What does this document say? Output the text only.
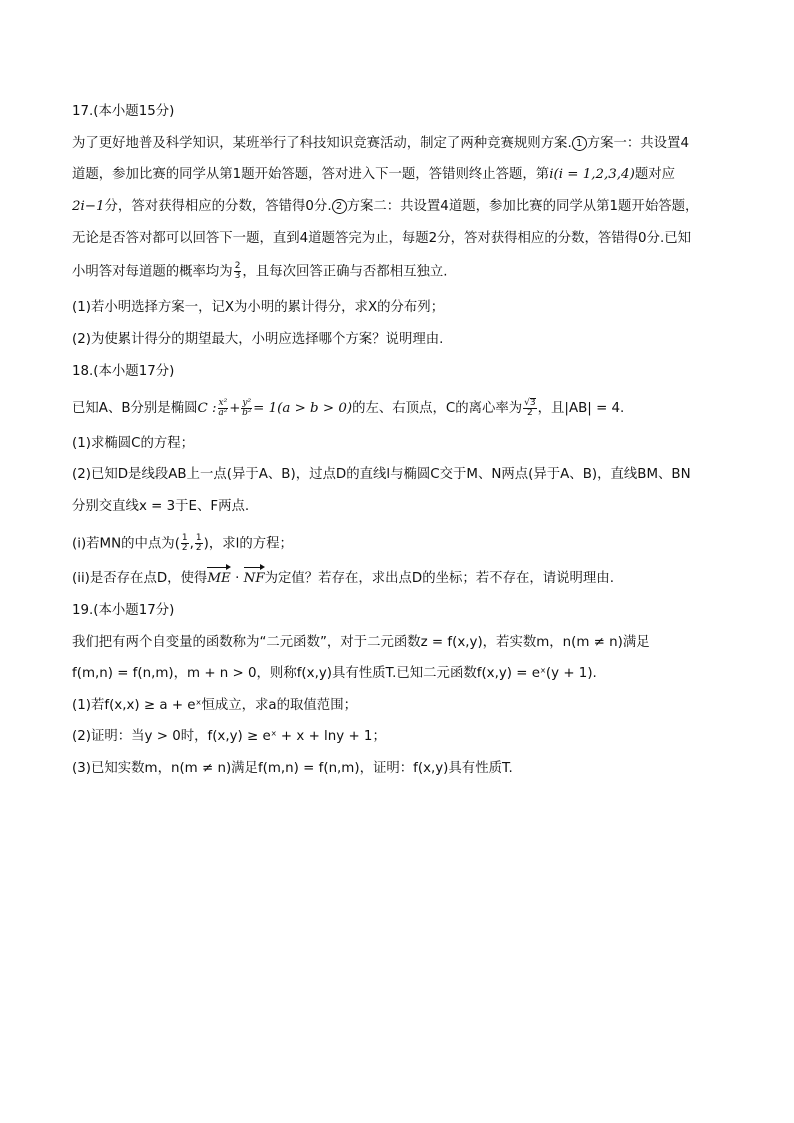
17.(本小题15分)
为了更好地普及科学知识，某班举行了科技知识竞赛活动，制定了两种竞赛规则方案. 1 方案一：共设置4
道题，参加比赛的同学从第1题开始答题，答对进入下一题，答错则终止答题，第i(i = 1,2,3,4)题对应
2i−1分，答对获得相应的分数，答错得0分. 2 方案二：共设置4道题，参加比赛的同学从第1题开始答题，
无论是否答对都可以回答下一题，直到4道题答完为止，每题2分，答对获得相应的分数，答错得0分.已知
小明答对每道题的概率均为 $\frac{2}{3}$ ，且每次回答正确与否都相互独立.
(1)若小明选择方案一，记X为小明的累计得分，求X的分布列；
(2)为使累计得分的期望最大，小明应选择哪个方案？说明理由.
18.(本小题17分)
已知A、B分别是椭圆C : $\frac{\text{x²}}{\text{a²}} + \frac{\text{y²}}{\text{b²}} = 1(a > b > 0)$的左、右顶点，C的离心率为 $\frac{√3}{2}$ ，且|AB| = 4.
(1)求椭圆C的方程；
(2)已知D是线段AB上一点(异于A、B)，过点D的直线l与椭圆C交于M、N两点(异于A、B)，直线BM、BN
分别交直线x = 3于E、F两点.
(i)若MN的中点为( $\frac{1}{2}$ , $\frac{1}{2}$ )，求l的方程；
(ii)是否存在点D，使得ME · NF为定值？若存在，求出点D的坐标；若不存在，请说明理由.
19.(本小题17分)
我们把有两个自变量的函数称为“二元函数”，对于二元函数z = f(x,y)，若实数m，n(m ≠ n)满足
f(m,n) = f(n,m)，m + n > 0，则称f(x,y)具有性质T.已知二元函数f(x,y) = eˣ(y + 1).
(1)若f(x,x) ≥ a + eˣ恒成立，求a的取值范围；
(2)证明：当y > 0时，f(x,y) ≥ eˣ + x + lny + 1；
(3)已知实数m，n(m ≠ n)满足f(m,n) = f(n,m)，证明：f(x,y)具有性质T.
